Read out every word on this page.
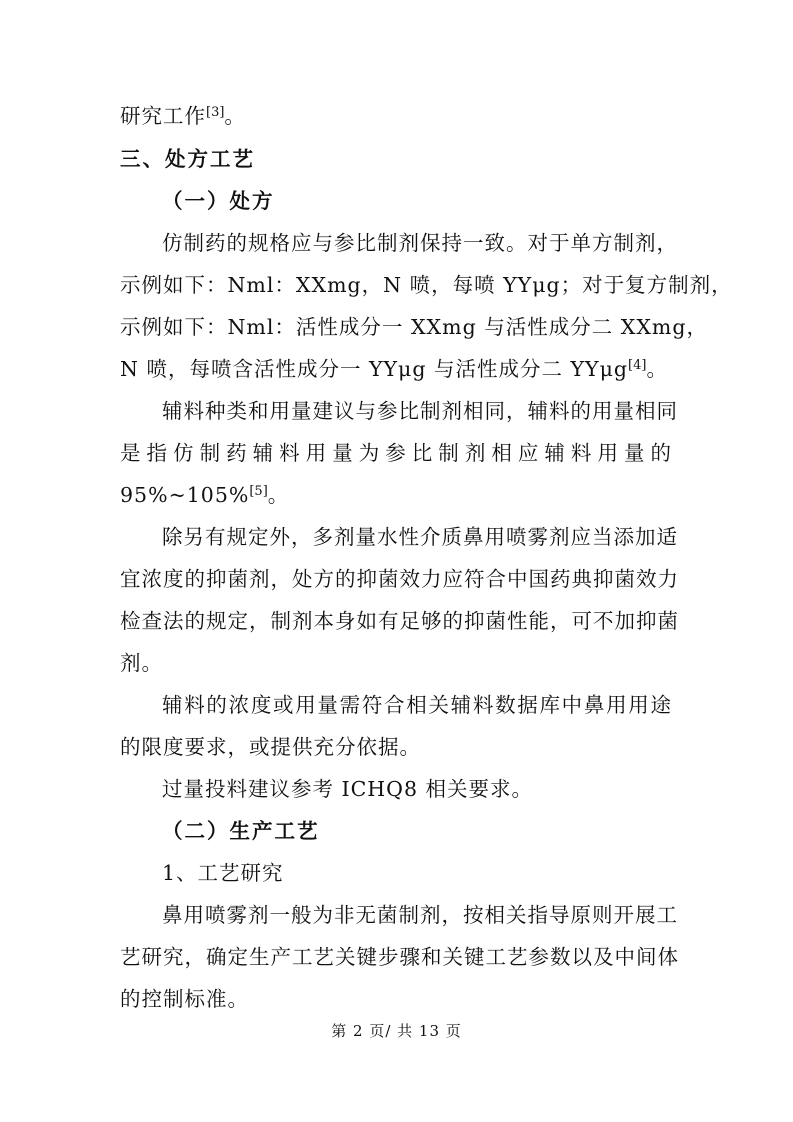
研究工作[3]。
三、处方工艺
（一）处方
仿制药的规格应与参比制剂保持一致。对于单方制剂，
示例如下：Nml：XXmg，N 喷，每喷 YYμg；对于复方制剂，
示例如下：Nml：活性成分一 XXmg 与活性成分二 XXmg，
N 喷，每喷含活性成分一 YYμg 与活性成分二 YYμg[4]。
辅料种类和用量建议与参比制剂相同，辅料的用量相同
是指仿制药辅料用量为参比制剂相应辅料用量的
95%~105%[5]。
除另有规定外，多剂量水性介质鼻用喷雾剂应当添加适
宜浓度的抑菌剂，处方的抑菌效力应符合中国药典抑菌效力
检查法的规定，制剂本身如有足够的抑菌性能，可不加抑菌
剂。
辅料的浓度或用量需符合相关辅料数据库中鼻用用途
的限度要求，或提供充分依据。
过量投料建议参考 ICHQ8 相关要求。
（二）生产工艺
1、工艺研究
鼻用喷雾剂一般为非无菌制剂，按相关指导原则开展工
艺研究，确定生产工艺关键步骤和关键工艺参数以及中间体
的控制标准。
第 2 页/ 共 13 页
